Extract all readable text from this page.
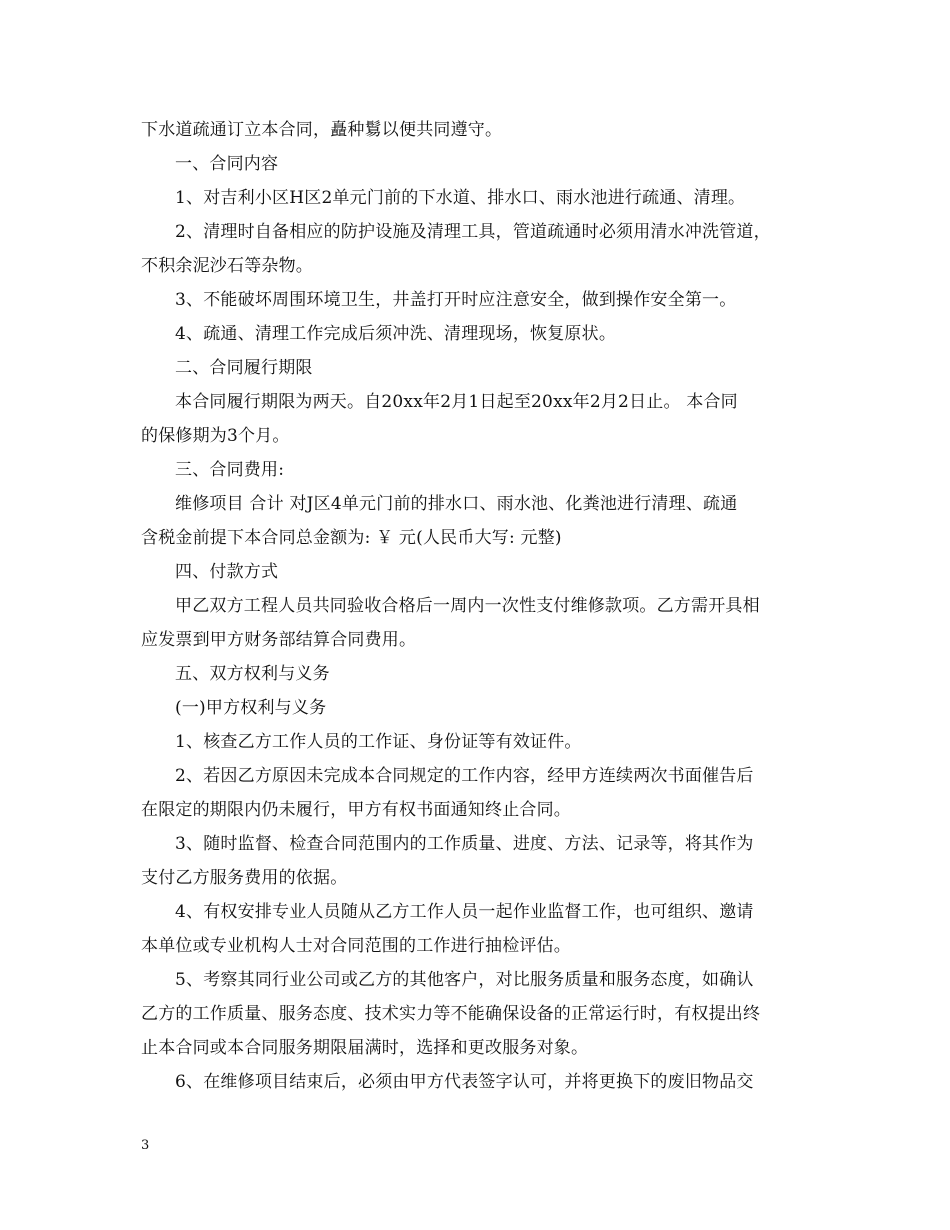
下水道疏通订立本合同，矗种鬄以便共同遵守。
一、合同内容
1、对吉利小区H区2单元门前的下水道、排水口、雨水池进行疏通、清理。
2、清理时自备相应的防护设施及清理工具，管道疏通时必须用清水冲洗管道，
不积余泥沙石等杂物。
3、不能破坏周围环境卫生，井盖打开时应注意安全，做到操作安全第一。
4、疏通、清理工作完成后须冲洗、清理现场，恢复原状。
二、合同履行期限
本合同履行期限为两天。自20xx年2月1日起至20xx年2月2日止。 本合同
的保修期为3个月。
三、合同费用:
维修项目 合计 对J区4单元门前的排水口、雨水池、化粪池进行清理、疏通
含税金前提下本合同总金额为: ￥ 元(人民币大写: 元整)
四、付款方式
甲乙双方工程人员共同验收合格后一周内一次性支付维修款项。乙方需开具相
应发票到甲方财务部结算合同费用。
五、双方权利与义务
(一)甲方权利与义务
1、核查乙方工作人员的工作证、身份证等有效证件。
2、若因乙方原因未完成本合同规定的工作内容，经甲方连续两次书面催告后
在限定的期限内仍未履行，甲方有权书面通知终止合同。
3、随时监督、检查合同范围内的工作质量、进度、方法、记录等，将其作为
支付乙方服务费用的依据。
4、有权安排专业人员随从乙方工作人员一起作业监督工作，也可组织、邀请
本单位或专业机构人士对合同范围的工作进行抽检评估。
5、考察其同行业公司或乙方的其他客户，对比服务质量和服务态度，如确认
乙方的工作质量、服务态度、技术实力等不能确保设备的正常运行时，有权提出终
止本合同或本合同服务期限届满时，选择和更改服务对象。
6、在维修项目结束后，必须由甲方代表签字认可，并将更换下的废旧物品交
3
